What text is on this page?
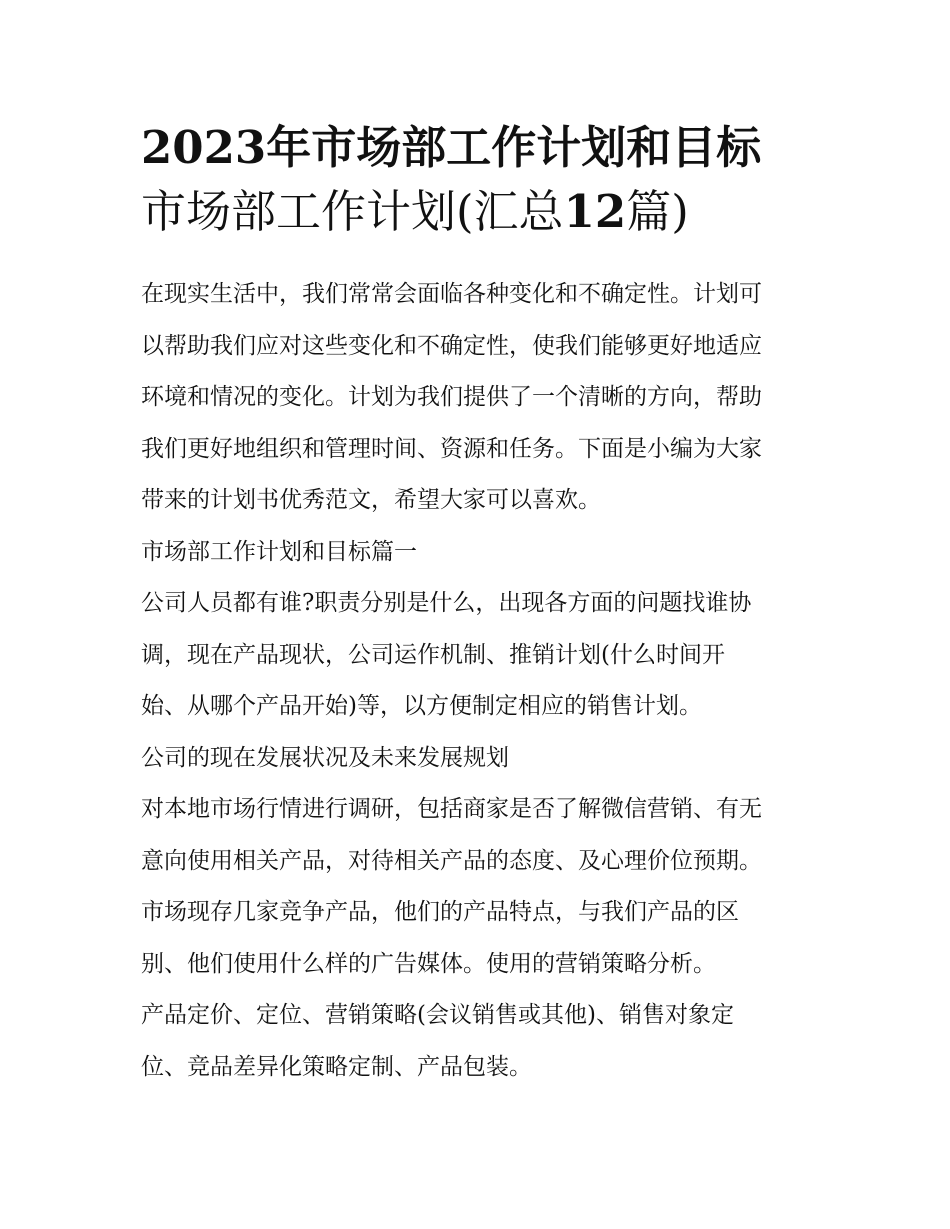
2023年市场部工作计划和目标
市场部工作计划(汇总12篇)

在现实生活中，我们常常会面临各种变化和不确定性。计划可
以帮助我们应对这些变化和不确定性，使我们能够更好地适应
环境和情况的变化。计划为我们提供了一个清晰的方向，帮助
我们更好地组织和管理时间、资源和任务。下面是小编为大家
带来的计划书优秀范文，希望大家可以喜欢。

市场部工作计划和目标篇一

公司人员都有谁?职责分别是什么，出现各方面的问题找谁协
调，现在产品现状，公司运作机制、推销计划(什么时间开
始、从哪个产品开始)等，以方便制定相应的销售计划。

公司的现在发展状况及未来发展规划

对本地市场行情进行调研，包括商家是否了解微信营销、有无
意向使用相关产品，对待相关产品的态度、及心理价位预期。
市场现存几家竞争产品，他们的产品特点，与我们产品的区
别、他们使用什么样的广告媒体。使用的营销策略分析。

产品定价、定位、营销策略(会议销售或其他)、销售对象定
位、竞品差异化策略定制、产品包装。
